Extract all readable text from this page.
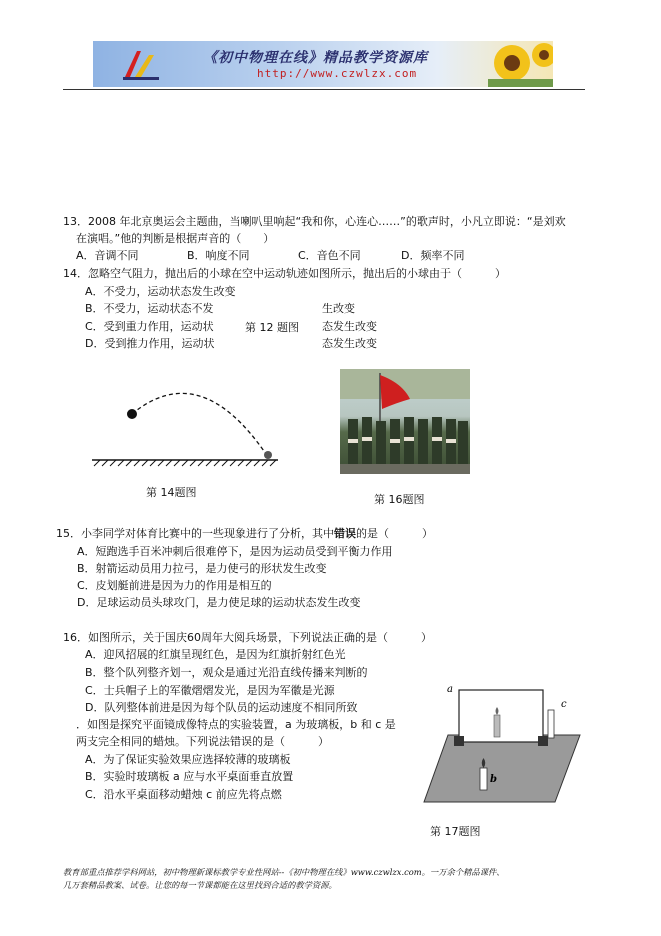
《初中物理在线》精品教学资源库
http://www.czwlzx.com
13．2008 年北京奥运会主题曲，当喇叭里响起“我和你，心连心……”的歌声时，小凡立即说：“是刘欢
在演唱。”他的判断是根据声音的（　　）
A．音调不同	B．响度不同	C．音色不同	D．频率不同
14．忽略空气阻力，抛出后的小球在空中运动轨迹如图所示，抛出后的小球由于（　　　）
A．不受力，运动状态发生改变
B．不受力，运动状态不发	生改变
C．受到重力作用，运动状	第 12 题图 态发生改变
D．受到推力作用，运动状	态发生改变
第 14题图
第 16题图
15．小李同学对体育比赛中的一些现象进行了分析，其中错误的是（　　　）
A．短跑选手百米冲刺后很难停下，是因为运动员受到平衡力作用
B．射箭运动员用力拉弓，是力使弓的形状发生改变
C．皮划艇前进是因为力的作用是相互的
D．足球运动员头球攻门，是力使足球的运动状态发生改变
16．如图所示，关于国庆60周年大阅兵场景，下列说法正确的是（　　　）
A．迎风招展的红旗呈现红色，是因为红旗折射红色光
B．整个队列整齐划一，观众是通过光沿直线传播来判断的
C．士兵帽子上的军徽熠熠发光，是因为军徽是光源
D．队列整体前进是因为每个队员的运动速度不相同所致
．如图是探究平面镜成像特点的实验装置，a 为玻璃板，b 和 c 是
两支完全相同的蜡烛。下列说法错误的是（　　　）
A．为了保证实验效果应选择较薄的玻璃板
B．实验时玻璃板 a 应与水平桌面垂直放置
C．沿水平桌面移动蜡烛 c 前应先将点燃
a
b
c
第 17题图
教育部重点推荐学科网站，初中物理新课标教学专业性网站--《初中物理在线》www.czwlzx.com。一万余个精品课件、
几万套精品教案、试卷。让您的每一节课都能在这里找到合适的教学资源。
